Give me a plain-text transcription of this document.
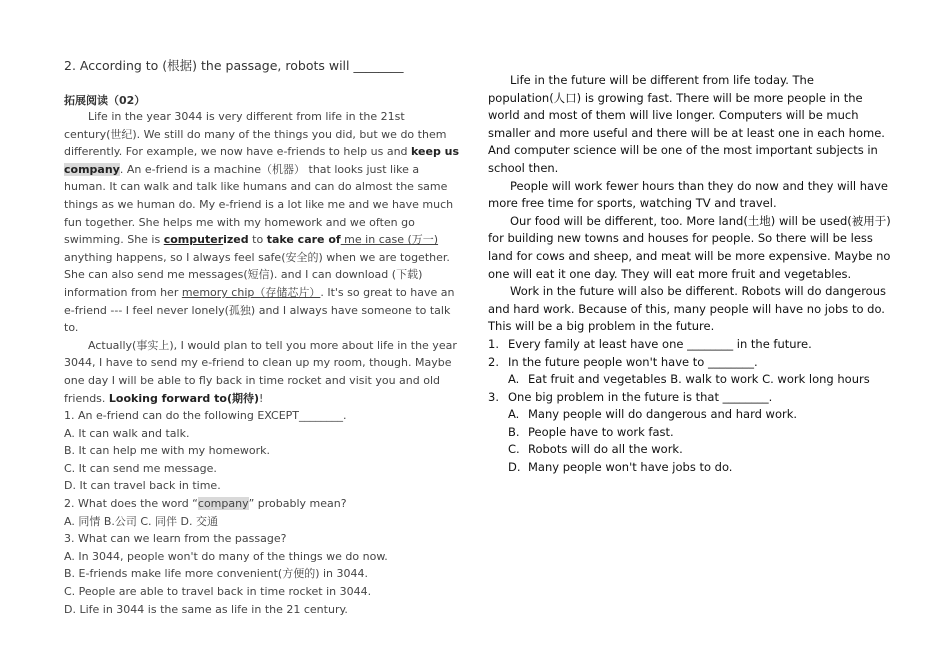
2. According to (根据) the passage, robots will ________
拓展阅读（02）

Life in the year 3044 is very different from life in the 21st century(世纪). We still do many of the things you did, but we do them differently. For example, we now have e-friends to help us and keep us company. An e-friend is a machine（机器） that looks just like a human. It can walk and talk like humans and can do almost the same things as we human do. My e-friend is a lot like me and we have much fun together. She helps me with my homework and we often go swimming. She is computerized to take care of me in case (万一) anything happens, so I always feel safe(安全的) when we are together. She can also send me messages(短信). and I can download (下载) information from her memory chip（存储芯片）. It's so great to have an e-friend --- I feel never lonely(孤独) and I always have someone to talk to.

Actually(事实上), I would plan to tell you more about life in the year 3044, I have to send my e-friend to clean up my room, though. Maybe one day I will be able to fly back in time rocket and visit you and old friends. Looking forward to(期待)!

1. An e-friend can do the following EXCEPT________.
A. It can walk and talk.
B. It can help me with my homework.
C. It can send me message.
D. It can travel back in time.
2. What does the word “company” probably mean?
A. 同情 B.公司 C. 同伴 D. 交通
3. What can we learn from the passage?
A. In 3044, people won't do many of the things we do now.
B. E-friends make life more convenient(方便的) in 3044.
C. People are able to travel back in time rocket in 3044.
D. Life in 3044 is the same as life in the 21 century.

Life in the future will be different from life today. The population(人口) is growing fast. There will be more people in the world and most of them will live longer. Computers will be much smaller and more useful and there will be at least one in each home. And computer science will be one of the most important subjects in school then.

People will work fewer hours than they do now and they will have more free time for sports, watching TV and travel.

Our food will be different, too. More land(土地) will be used(被用于) for building new towns and houses for people. So there will be less land for cows and sheep, and meat will be more expensive. Maybe no one will eat it one day. They will eat more fruit and vegetables.

Work in the future will also be different. Robots will do dangerous and hard work. Because of this, many people will have no jobs to do. This will be a big problem in the future.

1. Every family at least have one ________ in the future.
2. In the future people won't have to ________.
A. Eat fruit and vegetables B. walk to work C. work long hours
3. One big problem in the future is that ________.
A. Many people will do dangerous and hard work.
B. People have to work fast.
C. Robots will do all the work.
D. Many people won't have jobs to do.
